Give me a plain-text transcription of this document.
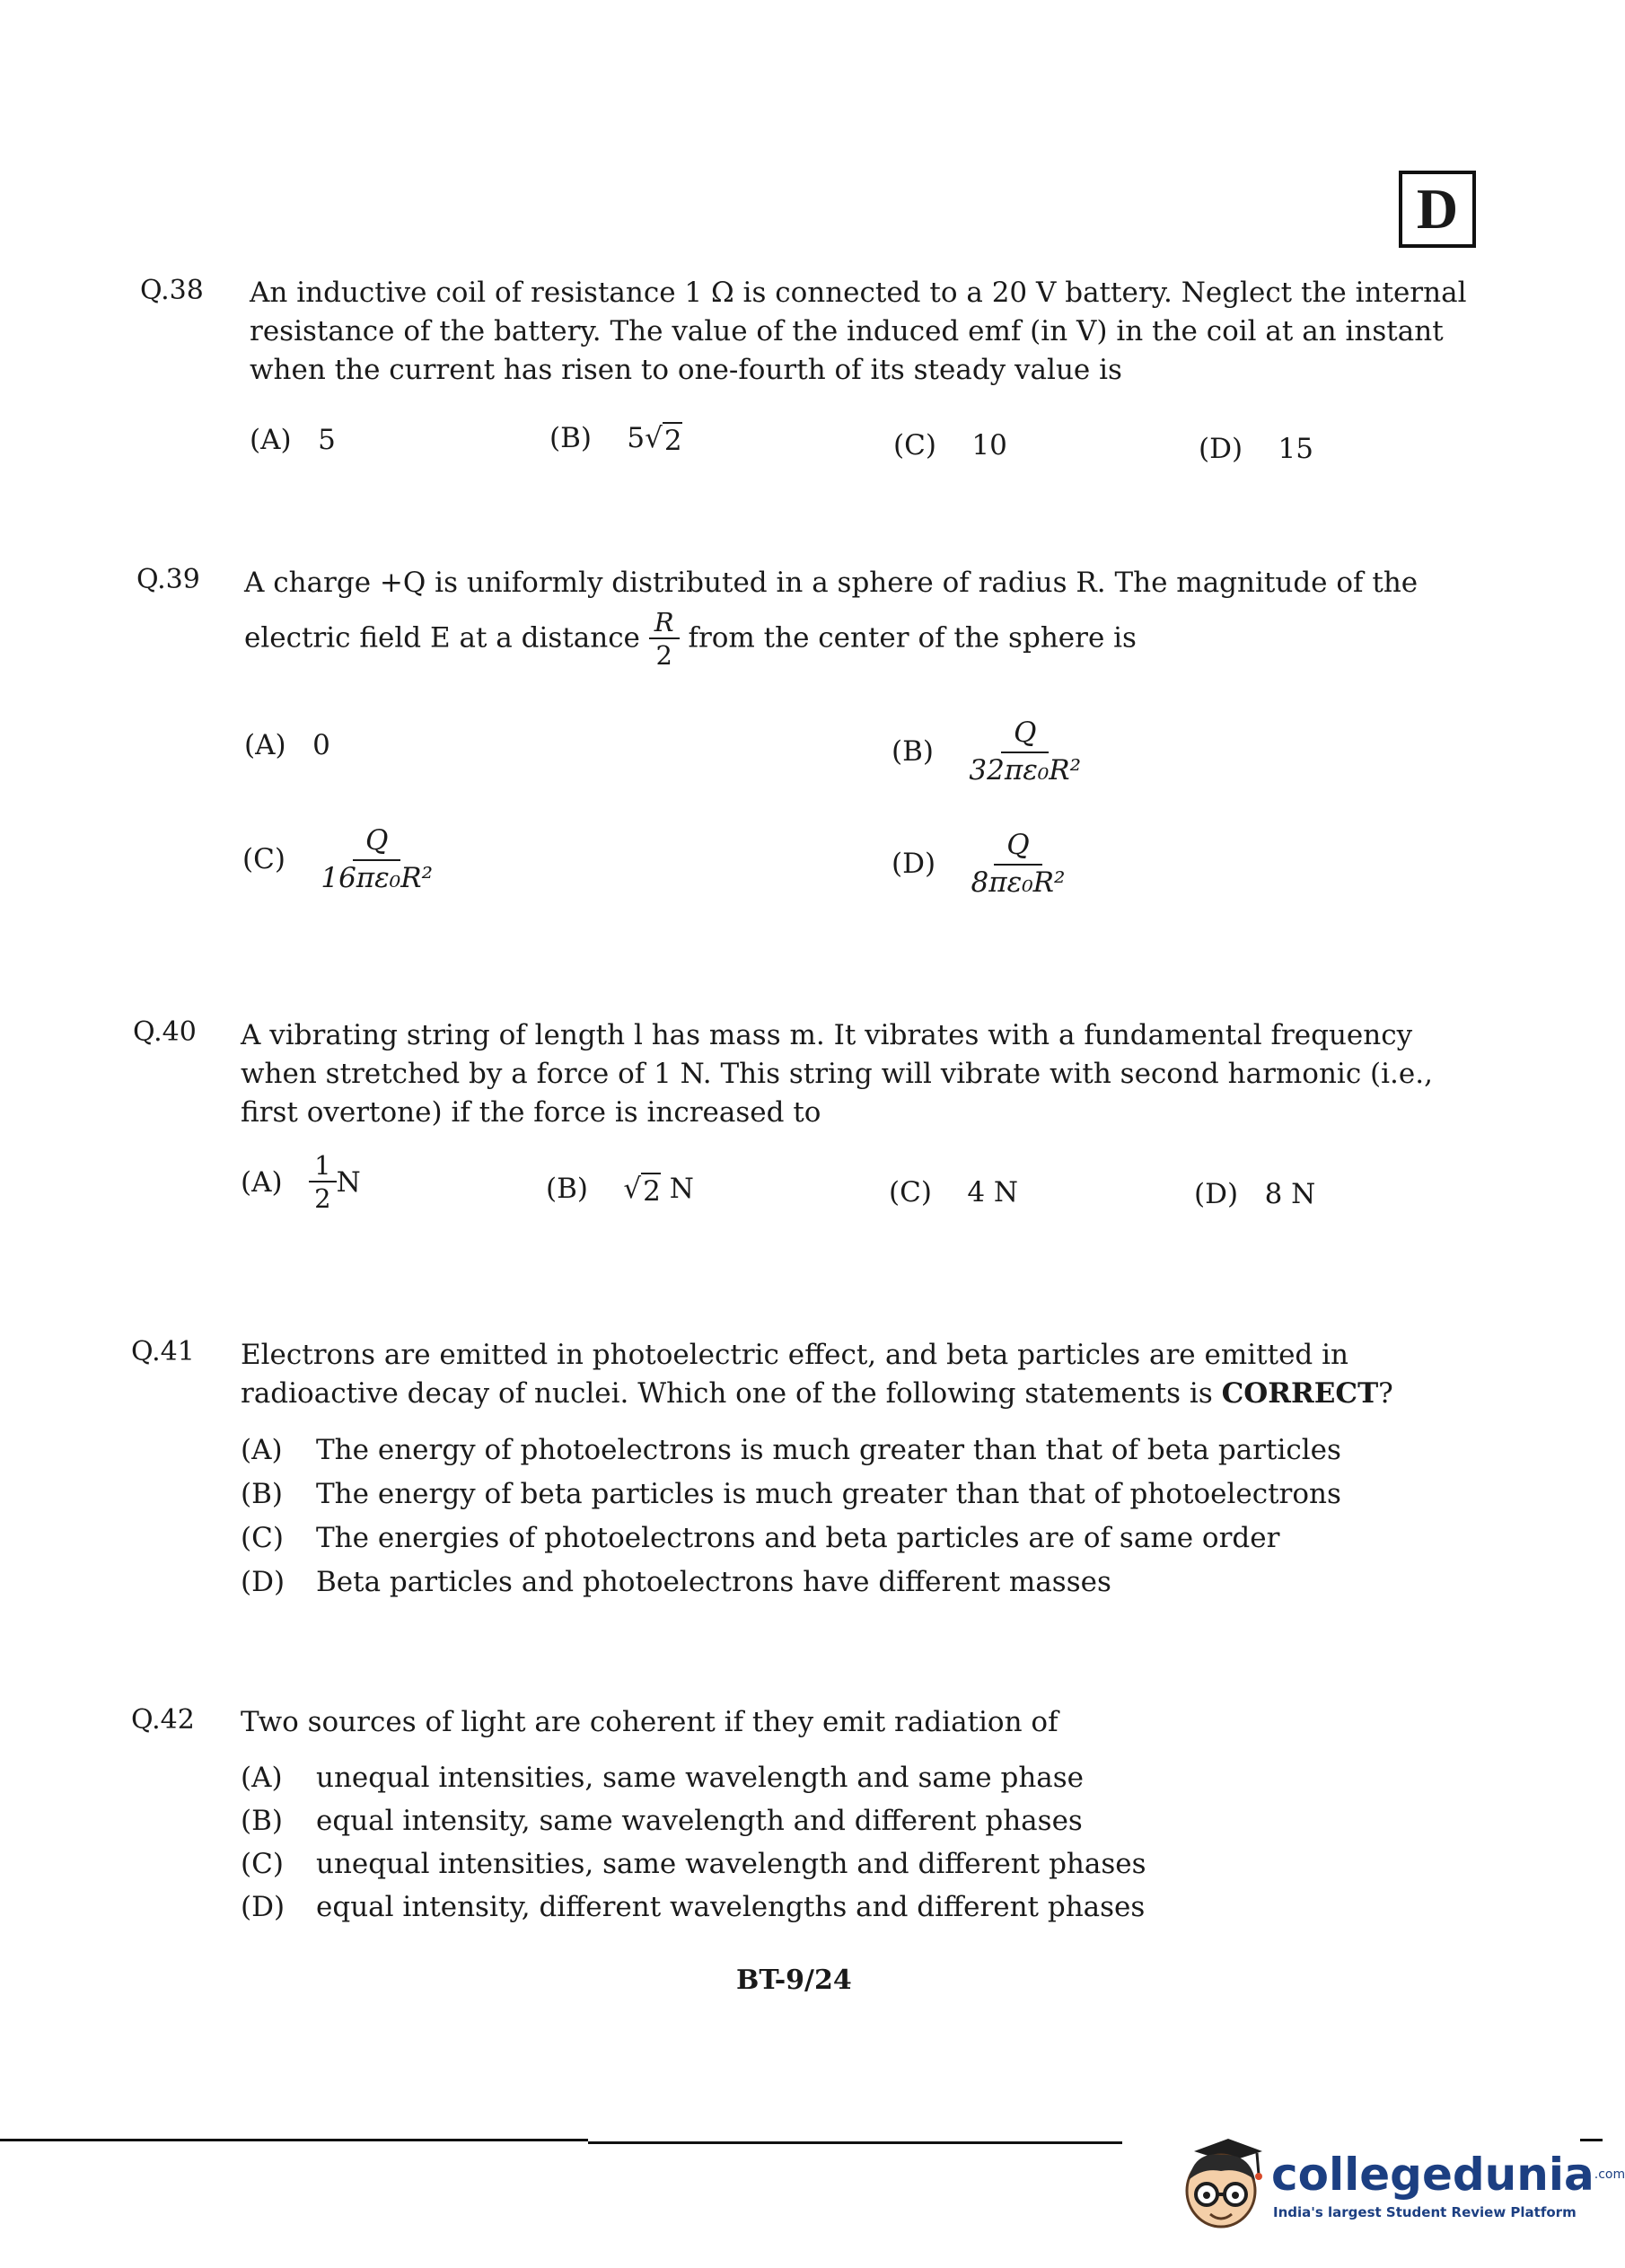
D
Q.38 An inductive coil of resistance 1 Ω is connected to a 20 V battery. Neglect the internal resistance of the battery. The value of the induced emf (in V) in the coil at an instant when the current has risen to one-fourth of its steady value is
(A) 5	(B) 5√ 2	(C) 10	(D) 15
Q.39 A charge +Q is uniformly distributed in a sphere of radius R. The magnitude of the
electric field E at a distance $\frac{R}{2}$ from the center of the sphere is
(A) 0	$(B) \frac{Q}{\text{32πε₀R²}}$
$(C) \frac{Q}{\text{16πε₀R²}}$	$(D) \frac{Q}{\text{8πε₀R²}}$
Q.40 A vibrating string of length l has mass m. It vibrates with a fundamental frequency when stretched by a force of 1 N. This string will vibrate with second harmonic (i.e., first overtone) if the force is increased to
$(A) \frac{1}{2}$ N	(B) √ 2 N	(C) 4 N	(D) 8 N
Q.41 Electrons are emitted in photoelectric effect, and beta particles are emitted in radioactive decay of nuclei. Which one of the following statements is CORRECT?
(A) The energy of photoelectrons is much greater than that of beta particles
(B) The energy of beta particles is much greater than that of photoelectrons
(C) The energies of photoelectrons and beta particles are of same order
(D) Beta particles and photoelectrons have different masses
Q.42 Two sources of light are coherent if they emit radiation of
(A) unequal intensities, same wavelength and same phase
(B) equal intensity, same wavelength and different phases
(C) unequal intensities, same wavelength and different phases
(D) equal intensity, different wavelengths and different phases
BT-9/24
collegedunia$^{.com}$
India's largest Student Review Platform
